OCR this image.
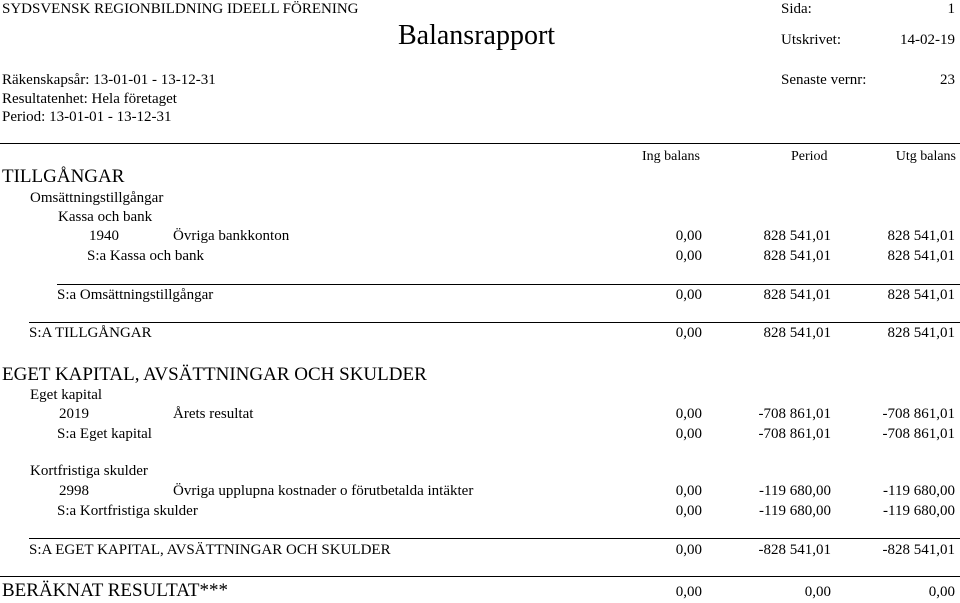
SYDSVENSK REGIONBILDNING IDEELL FÖRENING
Balansrapport
Sida:	1
Utskrivet:	14-02-19
Räkenskapsår: 13-01-01 - 13-12-31
Resultatenhet: Hela företaget
Period: 13-01-01 - 13-12-31
Senaste vernr:	23
Ing balans	Period	Utg balans
TILLGÅNGAR
Omsättningstillgångar
Kassa och bank
1940	Övriga bankkonton	0,00	828 541,01	828 541,01
S:a Kassa och bank	0,00	828 541,01	828 541,01
S:a Omsättningstillgångar	0,00	828 541,01	828 541,01
S:A TILLGÅNGAR	0,00	828 541,01	828 541,01
EGET KAPITAL, AVSÄTTNINGAR OCH SKULDER
Eget kapital
2019	Årets resultat	0,00	-708 861,01	-708 861,01
S:a Eget kapital	0,00	-708 861,01	-708 861,01
Kortfristiga skulder
2998	Övriga upplupna kostnader o förutbetalda intäkter	0,00	-119 680,00	-119 680,00
S:a Kortfristiga skulder	0,00	-119 680,00	-119 680,00
S:A EGET KAPITAL, AVSÄTTNINGAR OCH SKULDER	0,00	-828 541,01	-828 541,01
BERÄKNAT RESULTAT***	0,00	0,00	0,00
